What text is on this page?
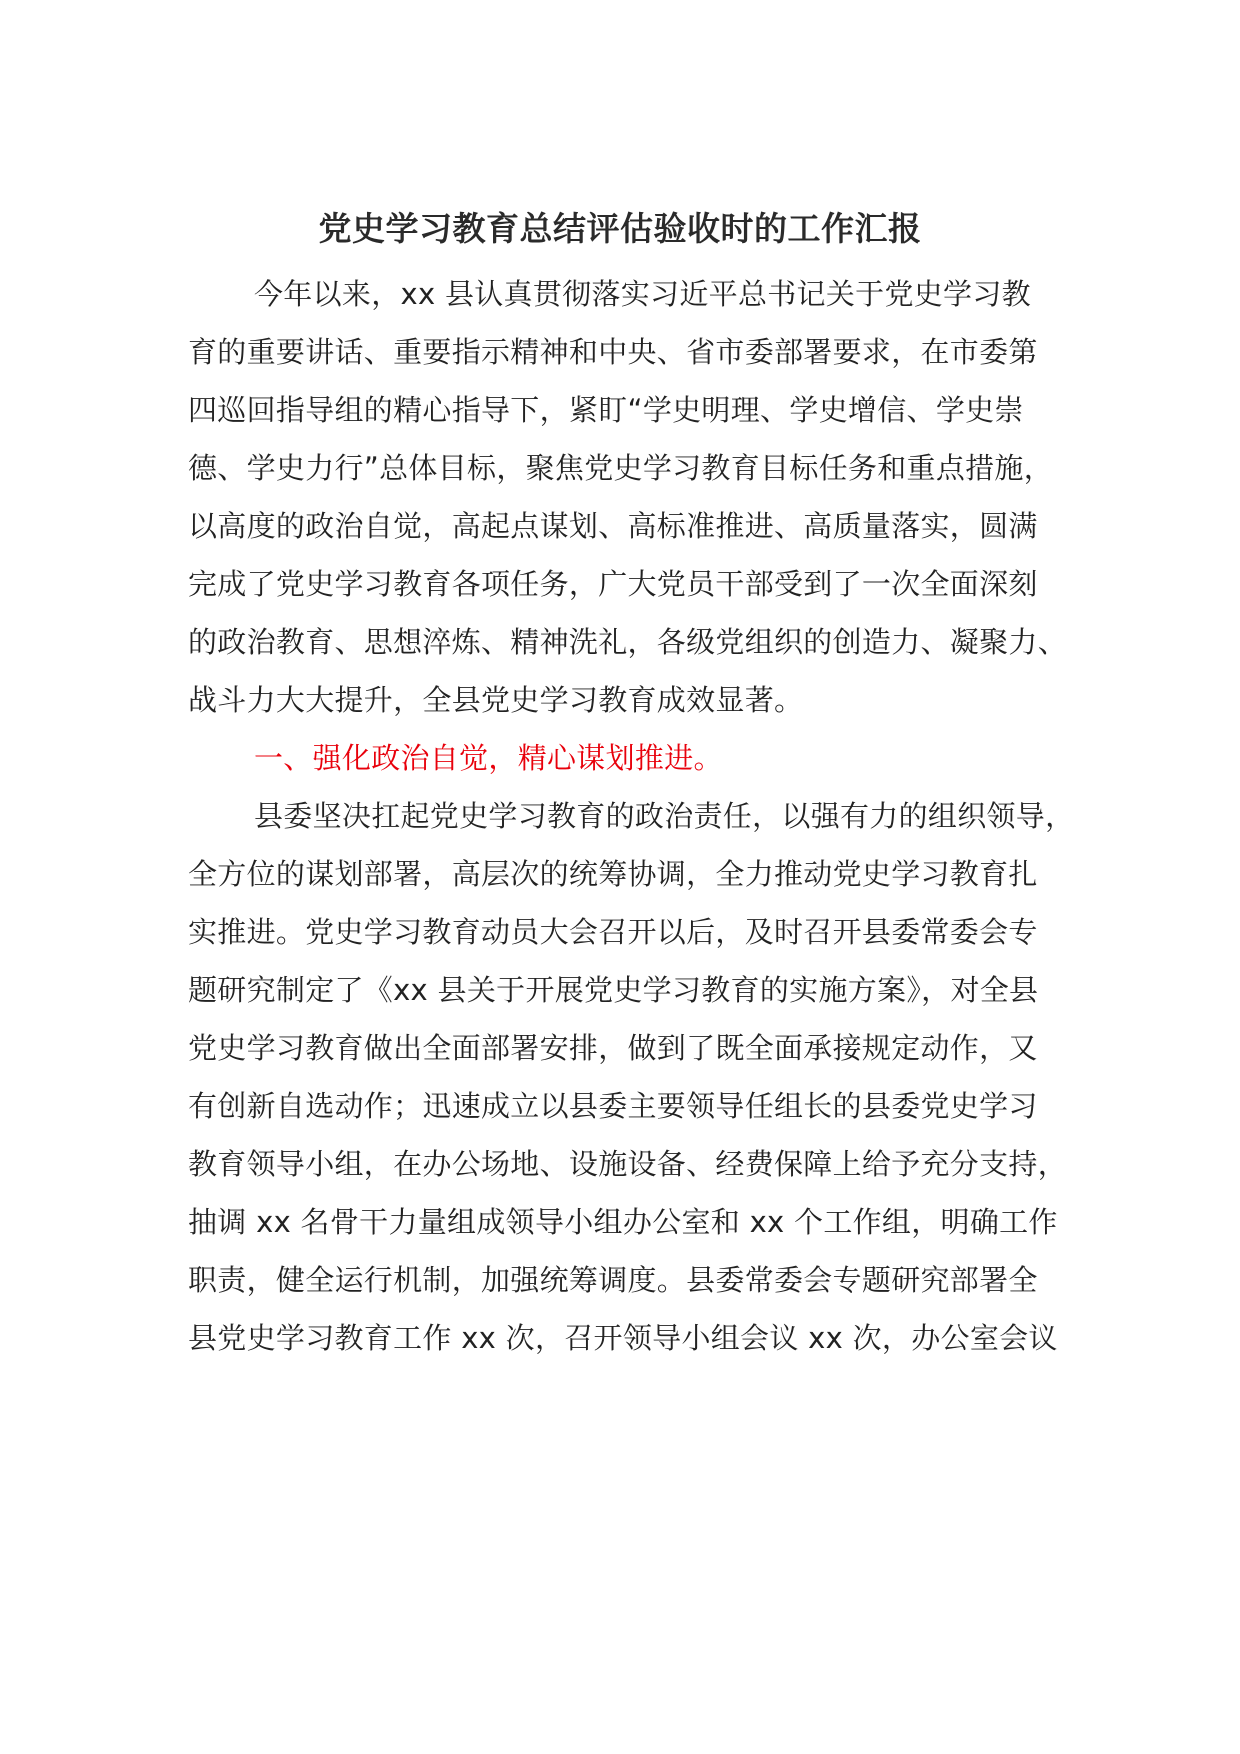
党史学习教育总结评估验收时的工作汇报
今年以来，xx 县认真贯彻落实习近平总书记关于党史学习教
育的重要讲话、重要指示精神和中央、省市委部署要求，在市委第
四巡回指导组的精心指导下，紧盯“学史明理、学史增信、学史崇
德、学史力行”总体目标，聚焦党史学习教育目标任务和重点措施，
以高度的政治自觉，高起点谋划、高标准推进、高质量落实，圆满
完成了党史学习教育各项任务，广大党员干部受到了一次全面深刻
的政治教育、思想淬炼、精神洗礼，各级党组织的创造力、凝聚力、
战斗力大大提升，全县党史学习教育成效显著。
一、强化政治自觉，精心谋划推进。
县委坚决扛起党史学习教育的政治责任，以强有力的组织领导，
全方位的谋划部署，高层次的统筹协调，全力推动党史学习教育扎
实推进。党史学习教育动员大会召开以后，及时召开县委常委会专
题研究制定了《xx 县关于开展党史学习教育的实施方案》，对全县
党史学习教育做出全面部署安排，做到了既全面承接规定动作，又
有创新自选动作；迅速成立以县委主要领导任组长的县委党史学习
教育领导小组，在办公场地、设施设备、经费保障上给予充分支持，
抽调 xx 名骨干力量组成领导小组办公室和 xx 个工作组，明确工作
职责，健全运行机制，加强统筹调度。县委常委会专题研究部署全
县党史学习教育工作 xx 次，召开领导小组会议 xx 次，办公室会议
